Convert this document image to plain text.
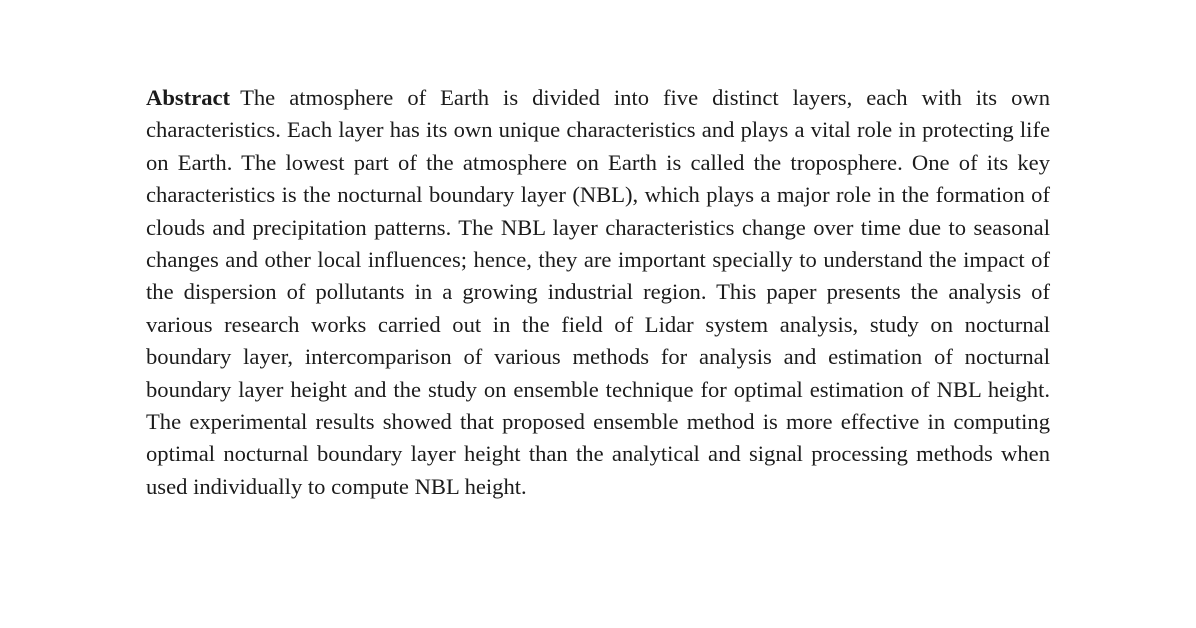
Abstract The atmosphere of Earth is divided into five distinct layers, each with its own characteristics. Each layer has its own unique characteristics and plays a vital role in protecting life on Earth. The lowest part of the atmosphere on Earth is called the troposphere. One of its key characteristics is the nocturnal boundary layer (NBL), which plays a major role in the formation of clouds and precipitation patterns. The NBL layer characteristics change over time due to seasonal changes and other local influences; hence, they are important specially to understand the impact of the dispersion of pollutants in a growing industrial region. This paper presents the analysis of various research works carried out in the field of Lidar system analysis, study on nocturnal boundary layer, intercomparison of various methods for analysis and estimation of nocturnal boundary layer height and the study on ensemble technique for optimal estimation of NBL height. The experimental results showed that proposed ensemble method is more effective in computing optimal nocturnal boundary layer height than the analytical and signal processing methods when used individually to compute NBL height.
